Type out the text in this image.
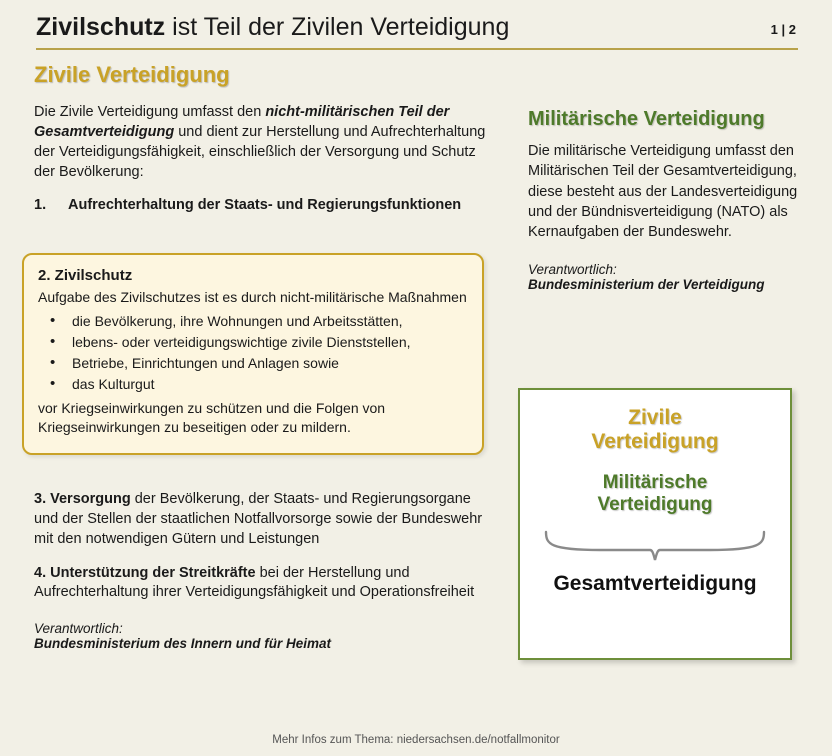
Zivilschutz ist Teil der Zivilen Verteidigung	1 | 2
Zivile Verteidigung

Die Zivile Verteidigung umfasst den nicht-militärischen Teil der Gesamtverteidigung und dient zur Herstellung und Aufrechterhaltung der Verteidigungsfähigkeit, einschließlich der Versorgung und Schutz der Bevölkerung:

1. Aufrechterhaltung der Staats- und Regierungsfunktionen

2. Zivilschutz
Aufgabe des Zivilschutzes ist es durch nicht-militärische Maßnahmen
• die Bevölkerung, ihre Wohnungen und Arbeitsstätten,
• lebens- oder verteidigungswichtige zivile Dienststellen,
• Betriebe, Einrichtungen und Anlagen sowie
• das Kulturgut
vor Kriegseinwirkungen zu schützen und die Folgen von Kriegseinwirkungen zu beseitigen oder zu mildern.

3. Versorgung der Bevölkerung, der Staats- und Regierungsorgane und der Stellen der staatlichen Notfallvorsorge sowie der Bundeswehr mit den notwendigen Gütern und Leistungen

4. Unterstützung der Streitkräfte bei der Herstellung und Aufrechterhaltung ihrer Verteidigungsfähigkeit und Operationsfreiheit

Verantwortlich:
Bundesministerium des Innern und für Heimat
Militärische Verteidigung

Die militärische Verteidigung umfasst den Militärischen Teil der Gesamtverteidigung, diese besteht aus der Landesverteidigung und der Bündnisverteidigung (NATO) als Kernaufgaben der Bundeswehr.

Verantwortlich:
Bundesministerium der Verteidigung
Zivile
Verteidigung
Militärische
Verteidigung
Gesamtverteidigung
Mehr Infos zum Thema: niedersachsen.de/notfallmonitor
